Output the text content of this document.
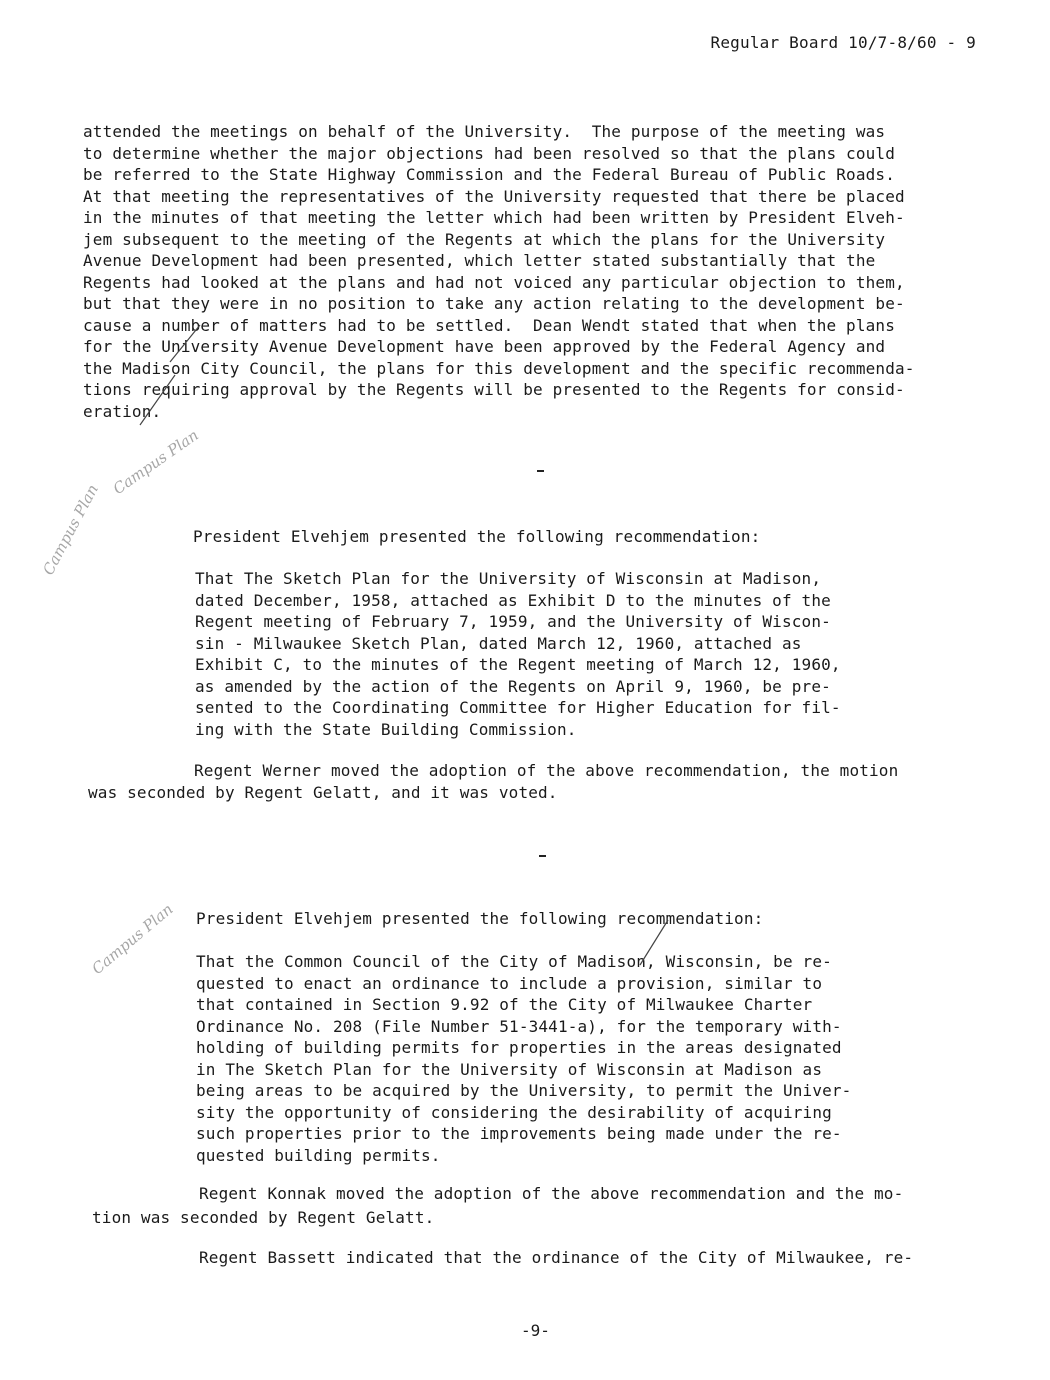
Regular Board 10/7-8/60 - 9
attended the meetings on behalf of the University.  The purpose of the meeting was
to determine whether the major objections had been resolved so that the plans could
be referred to the State Highway Commission and the Federal Bureau of Public Roads.
At that meeting the representatives of the University requested that there be placed
in the minutes of that meeting the letter which had been written by President Elveh-
jem subsequent to the meeting of the Regents at which the plans for the University
Avenue Development had been presented, which letter stated substantially that the
Regents had looked at the plans and had not voiced any particular objection to them,
but that they were in no position to take any action relating to the development be-
cause a number of matters had to be settled.  Dean Wendt stated that when the plans
for the University Avenue Development have been approved by the Federal Agency and
the Madison City Council, the plans for this development and the specific recommenda-
tions requiring approval by the Regents will be presented to the Regents for consid-
eration.
President Elvehjem presented the following recommendation:
That The Sketch Plan for the University of Wisconsin at Madison,
dated December, 1958, attached as Exhibit D to the minutes of the
Regent meeting of February 7, 1959, and the University of Wiscon-
sin - Milwaukee Sketch Plan, dated March 12, 1960, attached as
Exhibit C, to the minutes of the Regent meeting of March 12, 1960,
as amended by the action of the Regents on April 9, 1960, be pre-
sented to the Coordinating Committee for Higher Education for fil-
ing with the State Building Commission.
Regent Werner moved the adoption of the above recommendation, the motion
was seconded by Regent Gelatt, and it was voted.
President Elvehjem presented the following recommendation:
That the Common Council of the City of Madison, Wisconsin, be re-
quested to enact an ordinance to include a provision, similar to
that contained in Section 9.92 of the City of Milwaukee Charter
Ordinance No. 208 (File Number 51-3441-a), for the temporary with-
holding of building permits for properties in the areas designated
in The Sketch Plan for the University of Wisconsin at Madison as
being areas to be acquired by the University, to permit the Univer-
sity the opportunity of considering the desirability of acquiring
such properties prior to the improvements being made under the re-
quested building permits.
Regent Konnak moved the adoption of the above recommendation and the mo-
tion was seconded by Regent Gelatt.
Regent Bassett indicated that the ordinance of the City of Milwaukee, re-
-9-
Campus Plan
Campus Plan
Campus Plan
